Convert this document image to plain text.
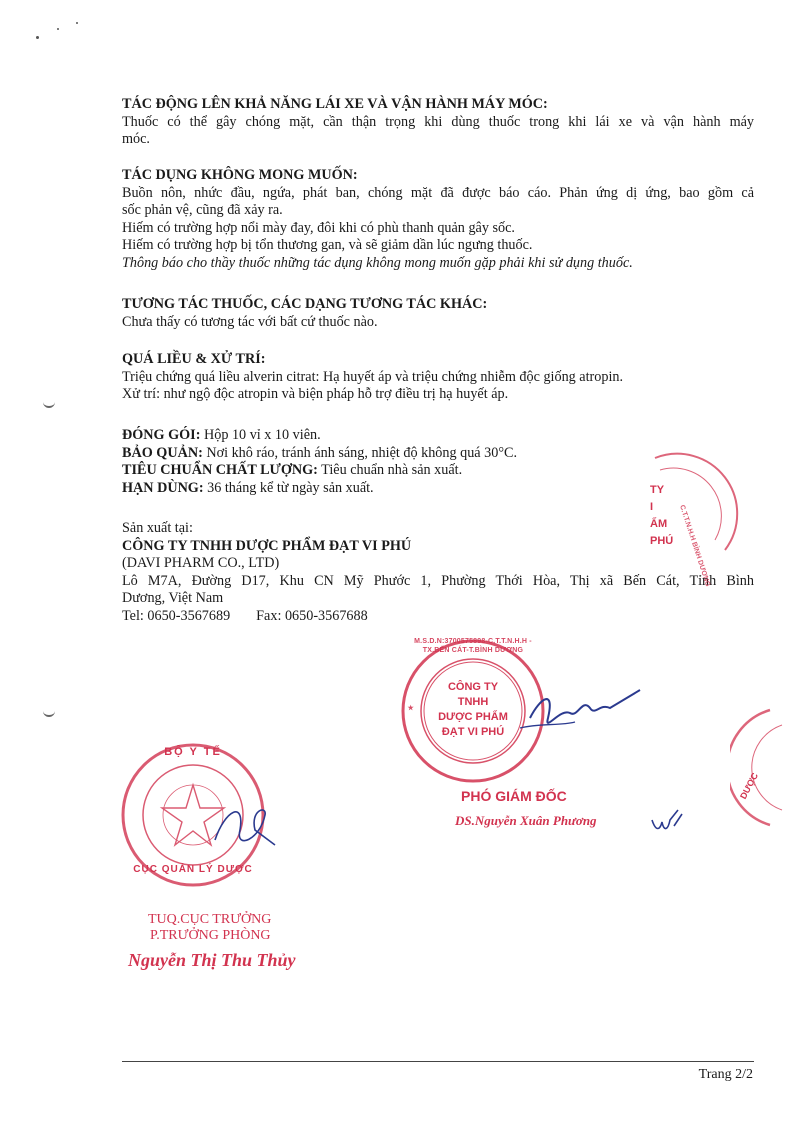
TÁC ĐỘNG LÊN KHẢ NĂNG LÁI XE VÀ VẬN HÀNH MÁY MÓC:

Thuốc có thể gây chóng mặt, cần thận trọng khi dùng thuốc trong khi lái xe và vận hành máy

móc.

TÁC DỤNG KHÔNG MONG MUỐN:

Buồn nôn, nhức đầu, ngứa, phát ban, chóng mặt đã được báo cáo. Phản ứng dị ứng, bao gồm cả

sốc phản vệ, cũng đã xảy ra.

Hiếm có trường hợp nổi mày đay, đôi khi có phù thanh quản gây sốc.

Hiếm có trường hợp bị tổn thương gan, và sẽ giảm dần lúc ngưng thuốc.

Thông báo cho thầy thuốc những tác dụng không mong muốn gặp phải khi sử dụng thuốc.

TƯƠNG TÁC THUỐC, CÁC DẠNG TƯƠNG TÁC KHÁC:

Chưa thấy có tương tác với bất cứ thuốc nào.

QUÁ LIỀU & XỬ TRÍ:

Triệu chứng quá liều alverin citrat: Hạ huyết áp và triệu chứng nhiễm độc giống atropin.

Xử trí: như ngộ độc atropin và biện pháp hỗ trợ điều trị hạ huyết áp.

ĐÓNG GÓI: Hộp 10 vỉ x 10 viên.

BẢO QUẢN: Nơi khô ráo, tránh ánh sáng, nhiệt độ không quá 30°C.

TIÊU CHUẨN CHẤT LƯỢNG: Tiêu chuẩn nhà sản xuất.

HẠN DÙNG: 36 tháng kể từ ngày sản xuất.

Sản xuất tại:

CÔNG TY TNHH DƯỢC PHẨM ĐẠT VI PHÚ

(DAVI PHARM CO., LTD)

Lô M7A, Đường D17, Khu CN Mỹ Phước 1, Phường Thới Hòa, Thị xã Bến Cát, Tỉnh Bình

Dương, Việt Nam

Tel: 0650-3567689 Fax: 0650-3567688

C.T.T.N.H.H BÌNH DƯƠNG
TY
I
ẨM
PHÚ
★
M.S.D.N:3700575898-C.T.T.N.H.H - TX.BẾN CÁT-T.BÌNH DƯƠNG
CÔNG TY
TNHH
DƯỢC PHẨM
ĐẠT VI PHÚ
PHÓ GIÁM ĐỐC
DS.Nguyễn Xuân Phương
DƯỢC
BỘ Y TẾ
CỤC QUẢN LÝ DƯỢC
TUQ.CỤC TRƯỞNG
P.TRƯỞNG PHÒNG
Nguyễn Thị Thu Thủy
Trang 2/2
